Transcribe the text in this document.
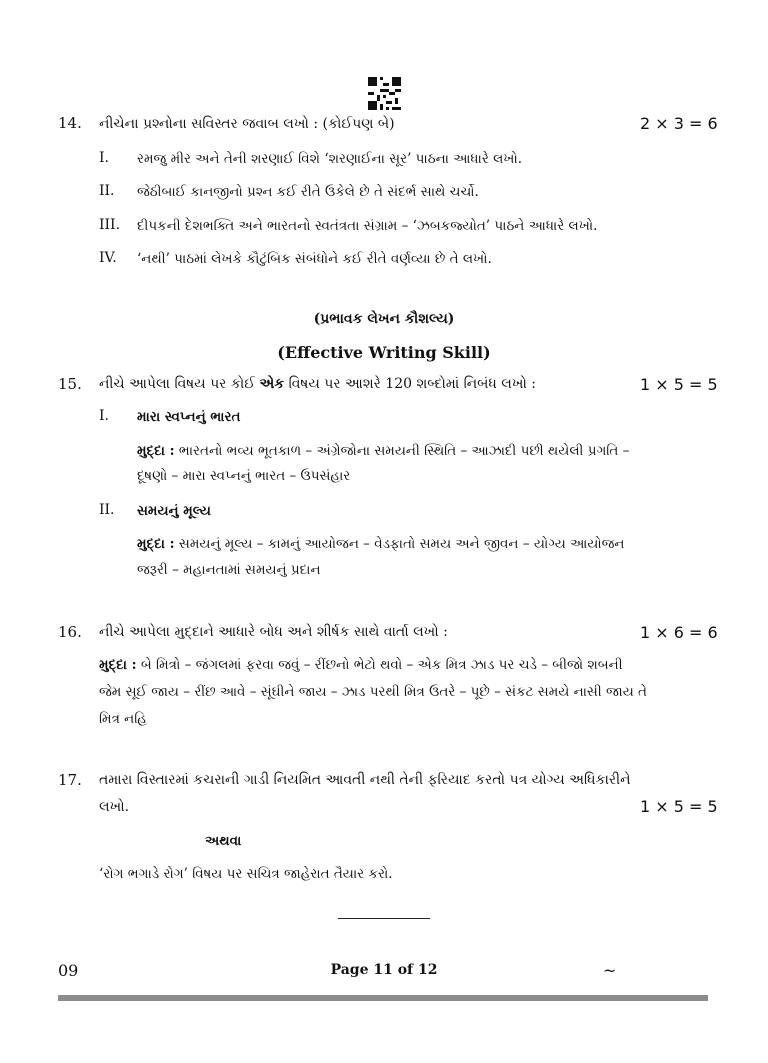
14. નીચેના પ્રશ્નોના સવિસ્તર જવાબ લખો : (કોઈપણ બે)	2 × 3 = 6
I. રમજુ મીર અને તેની શરણાઈ વિશે ‘શરણાઈના સૂર’ પાઠના આધારે લખો.
II. જેઠીબાઈ કાનજીનો પ્રશ્ન કઈ રીતે ઉકેલે છે તે સંદર્ભ સાથે ચર્ચો.
III. દીપકની દેશભક્તિ અને ભારતનો સ્વતંત્રતા સંગ્રામ – ‘ઝબકજ્યોત’ પાઠને આધારે લખો.
IV. ‘નથી’ પાઠમાં લેખકે કૌટુંબિક સંબંધોને કઈ રીતે વર્ણવ્યા છે તે લખો.
(પ્રભાવક લેખન કૌશલ્ય)
(Effective Writing Skill)
15. નીચે આપેલા વિષય પર કોઈ એક વિષય પર આશરે 120 શબ્દોમાં નિબંધ લખો :	1 × 5 = 5
I. મારા સ્વપ્નનું ભારત
મુદ્દા : ભારતનો ભવ્ય ભૂતકાળ – અંગ્રેજોના સમયની સ્થિતિ – આઝાદી પછી થયેલી પ્રગતિ –
દૂષણો – મારા સ્વપ્નનું ભારત – ઉપસંહાર
II. સમયનું મૂલ્ય
મુદ્દા : સમયનું મૂલ્ય – કામનું આયોજન – વેડફાતો સમય અને જીવન – યોગ્ય આયોજન
જરૂરી – મહાનતામાં સમયનું પ્રદાન
16. નીચે આપેલા મુદ્દાને આધારે બોધ અને શીર્ષક સાથે વાર્તા લખો :	1 × 6 = 6
મુદ્દા : બે મિત્રો – જંગલમાં ફરવા જવું – રીંછનો ભેટો થવો – એક મિત્ર ઝાડ પર ચડે – બીજો શબની
જેમ સૂઈ જાય – રીંછ આવે – સૂંઘીને જાય – ઝાડ પરથી મિત્ર ઉતરે – પૂછે – સંકટ સમયે નાસી જાય તે
મિત્ર નહિ
17. તમારા વિસ્તારમાં કચરાની ગાડી નિયમિત આવતી નથી તેની ફરિયાદ કરતો પત્ર યોગ્ય અધિકારીને
લખો.	1 × 5 = 5
અથવા
‘રોગ ભગાડે રોગ’ વિષય પર સચિત્ર જાહેરાત તૈયાર કરો.
09	Page 11 of 12	~
